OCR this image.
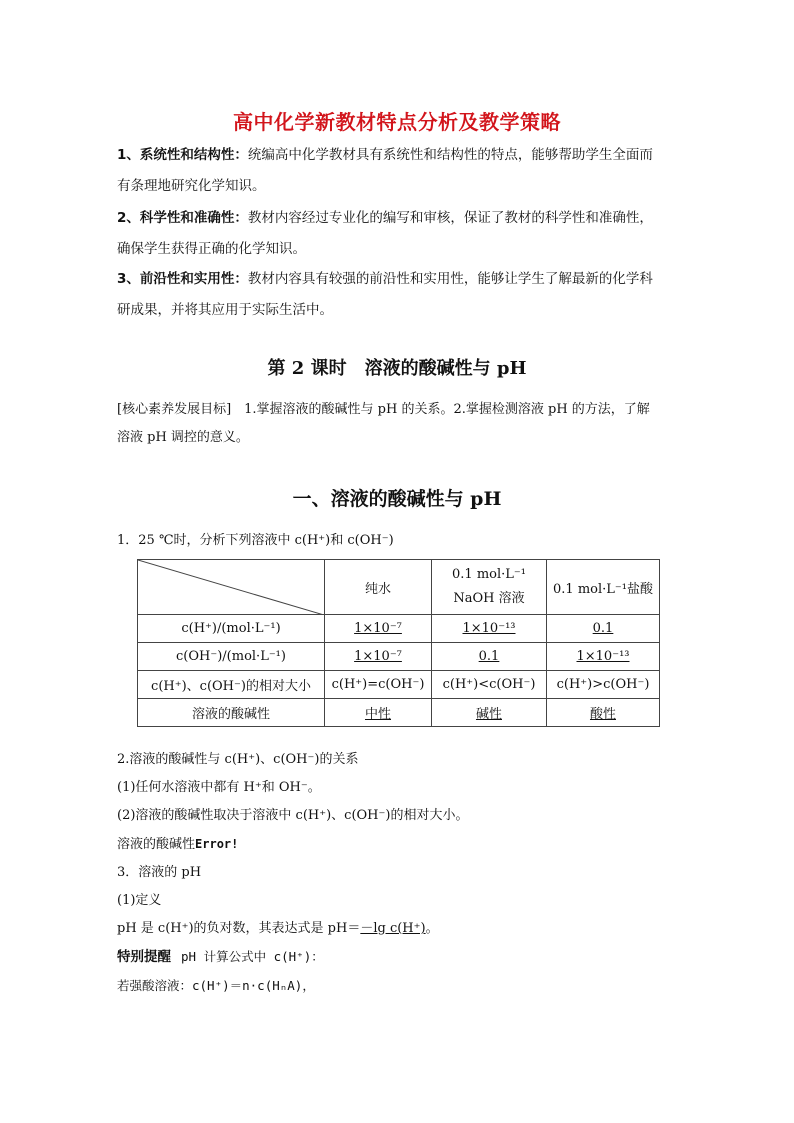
高中化学新教材特点分析及教学策略
1、系统性和结构性：统编高中化学教材具有系统性和结构性的特点，能够帮助学生全面而
有条理地研究化学知识。
2、科学性和准确性：教材内容经过专业化的编写和审核，保证了教材的科学性和准确性，
确保学生获得正确的化学知识。
3、前沿性和实用性：教材内容具有较强的前沿性和实用性，能够让学生了解最新的化学科
研成果，并将其应用于实际生活中。
第 2 课时　溶液的酸碱性与 pH
[核心素养发展目标]　1.掌握溶液的酸碱性与 pH 的关系。2.掌握检测溶液 pH 的方法，了解
溶液 pH 调控的意义。
一、溶液的酸碱性与 pH
1．25 ℃时，分析下列溶液中 c(H⁺)和 c(OH⁻)
	纯水	0.1 mol·L⁻¹
NaOH 溶液	0.1 mol·L⁻¹盐酸
c(H⁺)/(mol·L⁻¹)	1×10⁻⁷	1×10⁻¹³	0.1
c(OH⁻)/(mol·L⁻¹)	1×10⁻⁷	0.1	1×10⁻¹³
c(H⁺)、c(OH⁻)的相对大小	c(H⁺)=c(OH⁻)	c(H⁺)<c(OH⁻)	c(H⁺)>c(OH⁻)
溶液的酸碱性	中性	碱性	酸性
2.溶液的酸碱性与 c(H⁺)、c(OH⁻)的关系
(1)任何水溶液中都有 H⁺和 OH⁻。
(2)溶液的酸碱性取决于溶液中 c(H⁺)、c(OH⁻)的相对大小。
溶液的酸碱性Error!
3．溶液的 pH
(1)定义
pH 是 c(H⁺)的负对数，其表达式是 pH＝－lg c(H⁺)。
特别提醒 pH 计算公式中 c(H⁺)：
若强酸溶液：c(H⁺)＝n·c(HₙA)，
